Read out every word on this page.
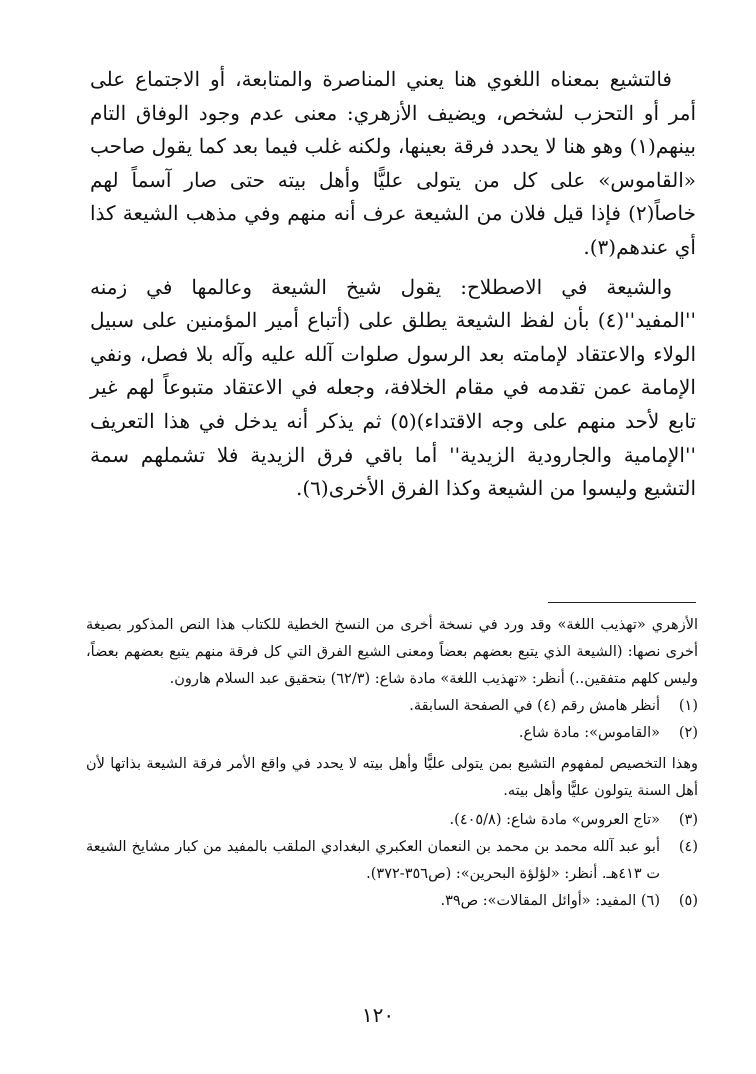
فالتشيع بمعناه اللغوي هنا يعني المناصرة والمتابعة، أو الاجتماع على أمر أو التحزب لشخص، ويضيف الأزهري: معنى عدم وجود الوفاق التام بينهم(١) وهو هنا لا يحدد فرقة بعينها، ولكنه غلب فيما بعد كما يقول صاحب «القاموس» على كل من يتولى عليًّا وأهل بيته حتى صار آسماً لهم خاصاً(٢) فإذا قيل فلان من الشيعة عرف أنه منهم وفي مذهب الشيعة كذا أي عندهم(٣).

والشيعة في الاصطلاح: يقول شيخ الشيعة وعالمها في زمنه ''المفيد''(٤) بأن لفظ الشيعة يطلق على (أتباع أمير المؤمنين على سبيل الولاء والاعتقاد لإمامته بعد الرسول صلوات آلله عليه وآله بلا فصل، ونفي الإمامة عمن تقدمه في مقام الخلافة، وجعله في الاعتقاد متبوعاً لهم غير تابع لأحد منهم على وجه الاقتداء)(٥) ثم يذكر أنه يدخل في هذا التعريف ''الإمامية والجارودية الزيدية'' أما باقي فرق الزيدية فلا تشملهم سمة التشيع وليسوا من الشيعة وكذا الفرق الأخرى(٦).

الأزهري «تهذيب اللغة» وقد ورد في نسخة أخرى من النسخ الخطية للكتاب هذا النص المذكور بصيغة أخرى نصها: (الشيعة الذي يتبع بعضهم بعضاً ومعنى الشيع الفرق التي كل فرقة منهم يتبع بعضهم بعضاً، وليس كلهم متفقين..) أنظر: «تهذيب اللغة» مادة شاع: (٦٢/٣) بتحقيق عبد السلام هارون.

(١)
أنظر هامش رقم (٤) في الصفحة السابقة.
(٢)
«القاموس»: مادة شاع.

وهذا التخصيص لمفهوم التشيع بمن يتولى عليًّا وأهل بيته لا يحدد في واقع الأمر فرقة الشيعة بذاتها لأن أهل السنة يتولون عليًّا وأهل بيته.

(٣)
«تاج العروس» مادة شاع: (٤٠٥/٨).
(٤)
أبو عبد آلله محمد بن محمد بن النعمان العكبري البغدادي الملقب بالمفيد من كبار مشايخ الشيعة ت ٤١٣هـ. أنظر: «لؤلؤة البحرين»: (ص٣٥٦-٣٧٢).
(٥)
(٦) المفيد: «أوائل المقالات»: ص٣٩.
١٢٠
